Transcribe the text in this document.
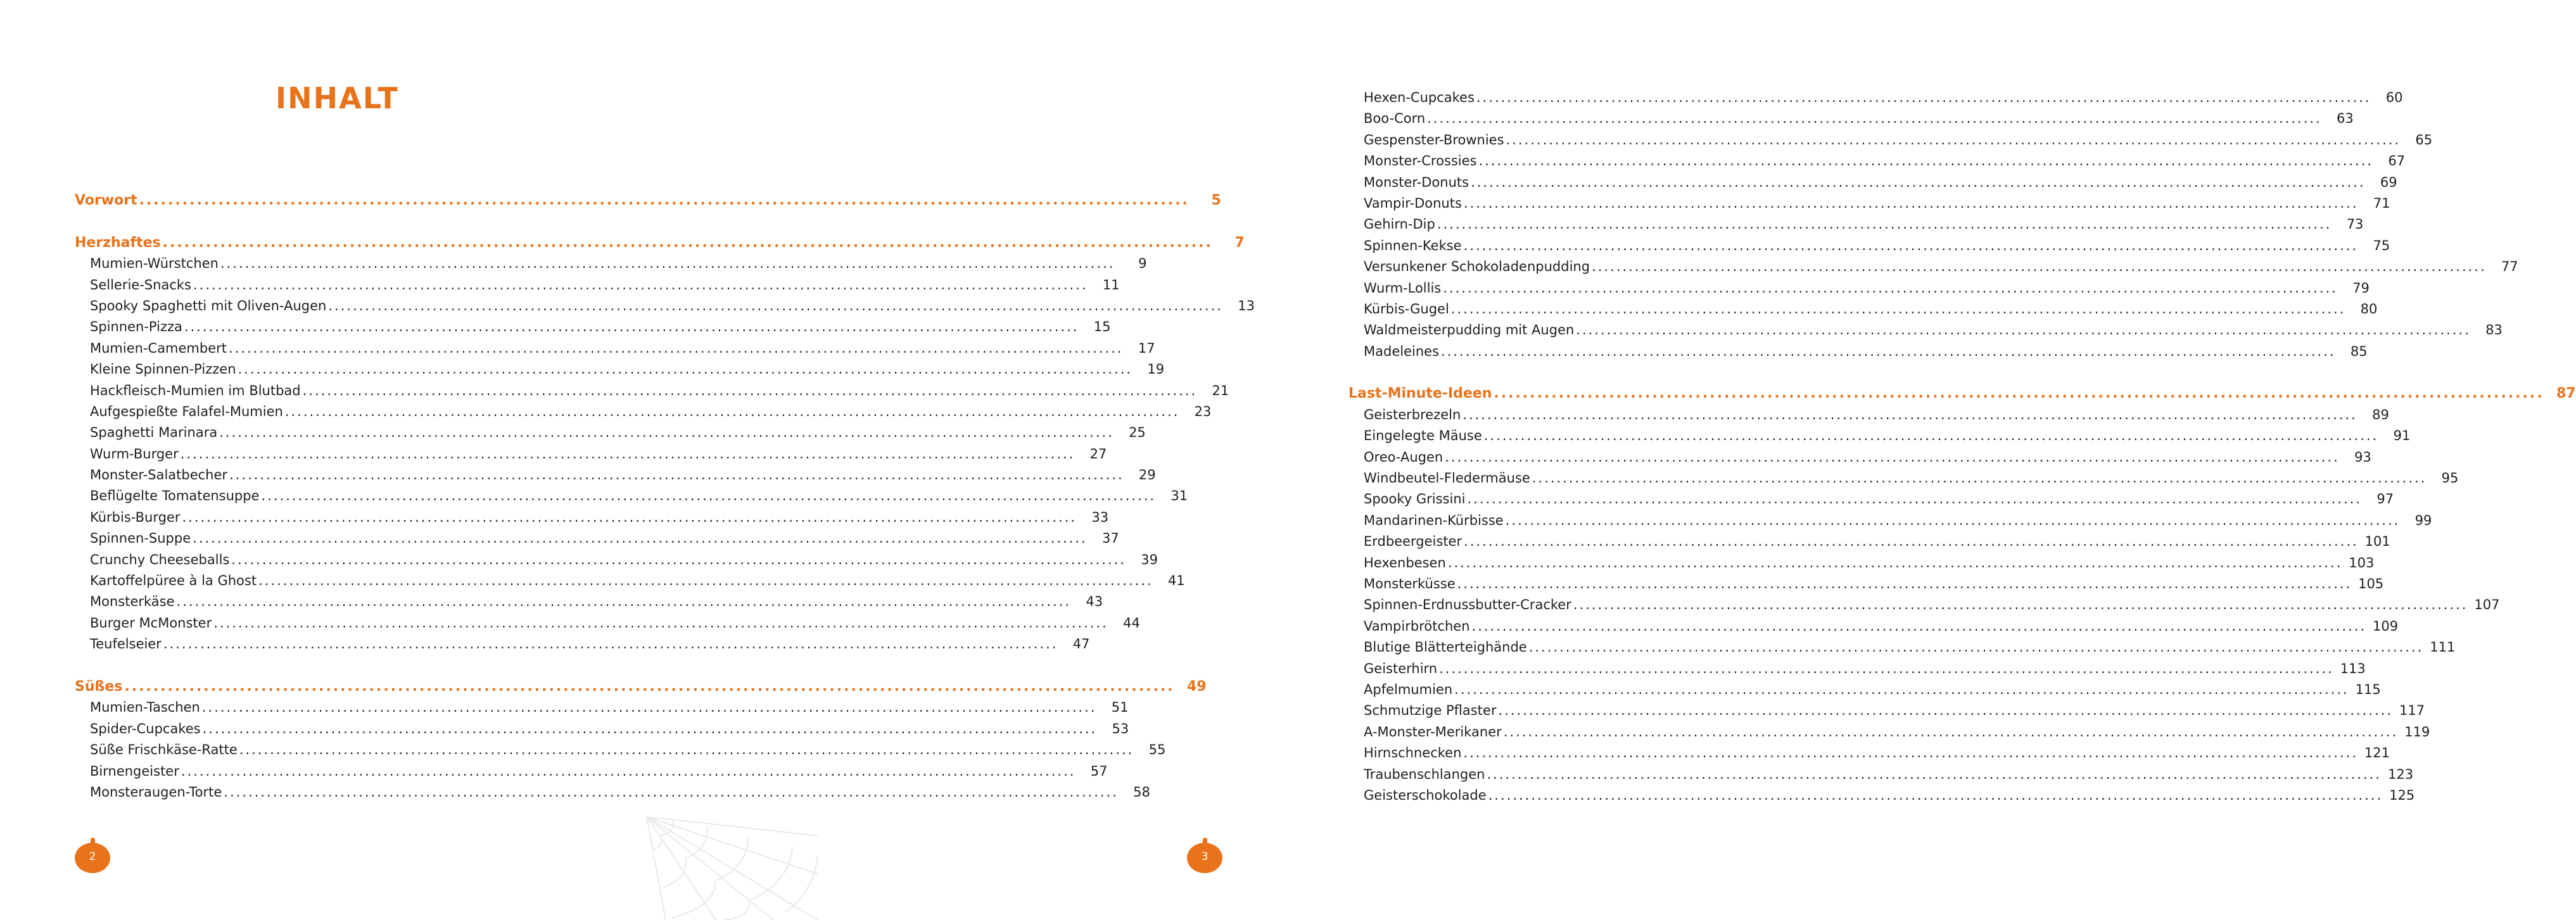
INHALT
Vorwort .....	5
Herzhaftes .....	7
Mumien-Würstchen .....	9
Sellerie-Snacks .....	11
Spooky Spaghetti mit Oliven-Augen .....	13
Spinnen-Pizza .....	15
Mumien-Camembert .....	17
Kleine Spinnen-Pizzen .....	19
Hackfleisch-Mumien im Blutbad .....	21
Aufgespießte Falafel-Mumien .....	23
Spaghetti Marinara .....	25
Wurm-Burger .....	27
Monster-Salatbecher .....	29
Beflügelte Tomatensuppe .....	31
Kürbis-Burger .....	33
Spinnen-Suppe .....	37
Crunchy Cheeseballs .....	39
Kartoffelpüree à la Ghost .....	41
Monsterkäse .....	43
Burger McMonster .....	44
Teufelseier .....	47
Süßes .....	49
Mumien-Taschen .....	51
Spider-Cupcakes .....	53
Süße Frischkäse-Ratte .....	55
Birnengeister .....	57
Monsteraugen-Torte .....	58
2
Hexen-Cupcakes .....	60
Boo-Corn .....	63
Gespenster-Brownies .....	65
Monster-Crossies .....	67
Monster-Donuts .....	69
Vampir-Donuts .....	71
Gehirn-Dip .....	73
Spinnen-Kekse .....	75
Versunkener Schokoladenpudding .....	77
Wurm-Lollis .....	79
Kürbis-Gugel .....	80
Waldmeisterpudding mit Augen .....	83
Madeleines .....	85
Last-Minute-Ideen .....	87
Geisterbrezeln .....	89
Eingelegte Mäuse .....	91
Oreo-Augen .....	93
Windbeutel-Fledermäuse .....	95
Spooky Grissini .....	97
Mandarinen-Kürbisse .....	99
Erdbeergeister .....	101
Hexenbesen .....	103
Monsterküsse .....	105
Spinnen-Erdnussbutter-Cracker .....	107
Vampirbrötchen .....	109
Blutige Blätterteighände .....	111
Geisterhirn .....	113
Apfelmumien .....	115
Schmutzige Pflaster .....	117
A-Monster-Merikaner .....	119
Hirnschnecken .....	121
Traubenschlangen .....	123
Geisterschokolade .....	125
3
